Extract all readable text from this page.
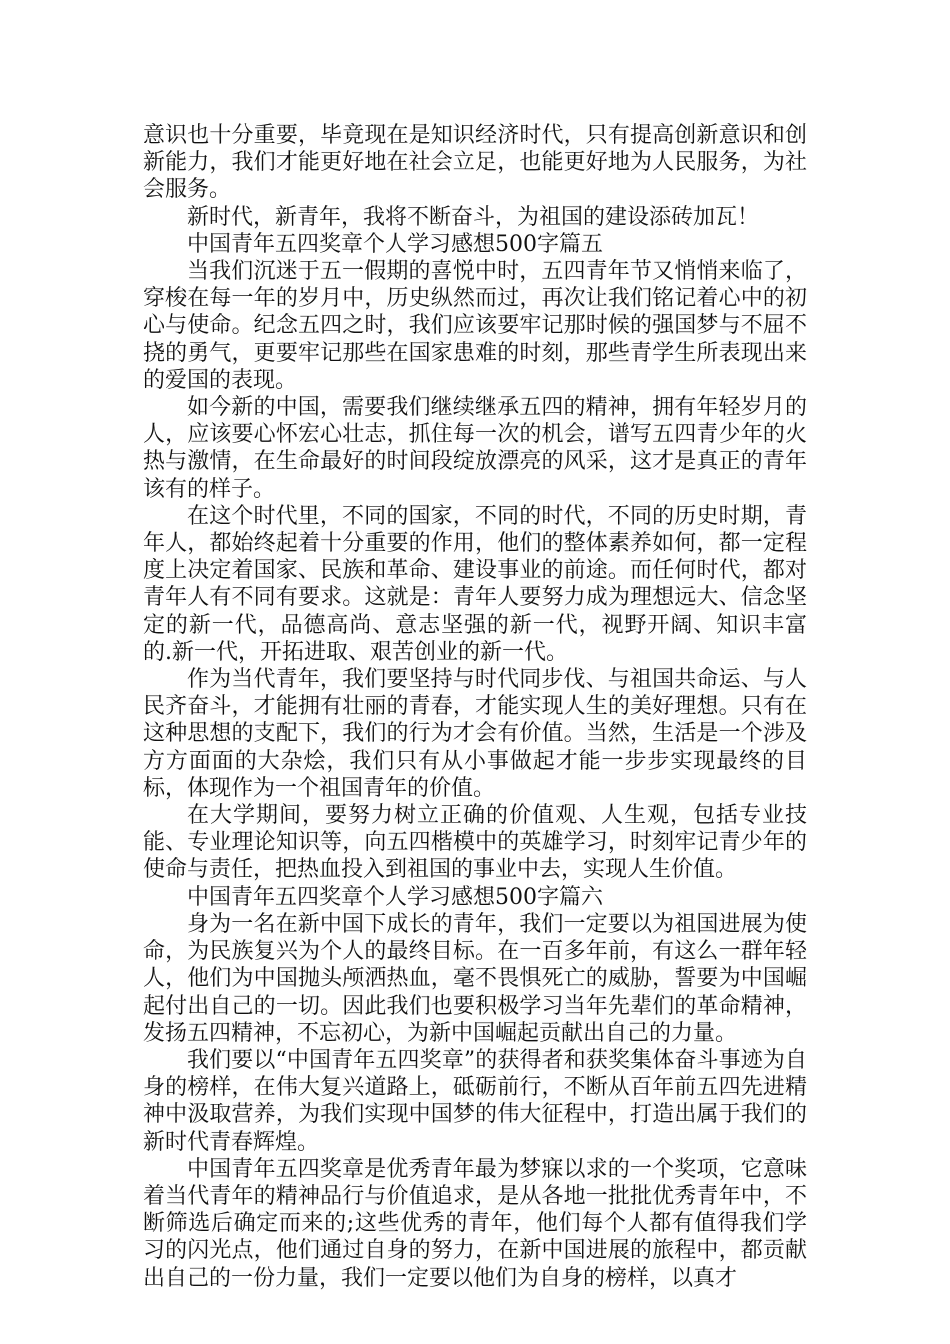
意识也十分重要，毕竟现在是知识经济时代，只有提高创新意识和创新能力，我们才能更好地在社会立足，也能更好地为人民服务，为社会服务。

新时代，新青年，我将不断奋斗，为祖国的建设添砖加瓦！

中国青年五四奖章个人学习感想500字篇五

当我们沉迷于五一假期的喜悦中时，五四青年节又悄悄来临了，穿梭在每一年的岁月中，历史纵然而过，再次让我们铭记着心中的初心与使命。纪念五四之时，我们应该要牢记那时候的强国梦与不屈不挠的勇气，更要牢记那些在国家患难的时刻，那些青学生所表现出来的爱国的表现。

如今新的中国，需要我们继续继承五四的精神，拥有年轻岁月的人，应该要心怀宏心壮志，抓住每一次的机会，谱写五四青少年的火热与激情，在生命最好的时间段绽放漂亮的风采，这才是真正的青年该有的样子。

在这个时代里，不同的国家，不同的时代，不同的历史时期，青年人，都始终起着十分重要的作用，他们的整体素养如何，都一定程度上决定着国家、民族和革命、建设事业的前途。而任何时代，都对青年人有不同有要求。这就是：青年人要努力成为理想远大、信念坚定的新一代，品德高尚、意志坚强的新一代，视野开阔、知识丰富的.新一代，开拓进取、艰苦创业的新一代。

作为当代青年，我们要坚持与时代同步伐、与祖国共命运、与人民齐奋斗，才能拥有壮丽的青春，才能实现人生的美好理想。只有在这种思想的支配下，我们的行为才会有价值。当然，生活是一个涉及方方面面的大杂烩，我们只有从小事做起才能一步步实现最终的目标，体现作为一个祖国青年的价值。

在大学期间，要努力树立正确的价值观、人生观，包括专业技能、专业理论知识等，向五四楷模中的英雄学习，时刻牢记青少年的使命与责任，把热血投入到祖国的事业中去，实现人生价值。

中国青年五四奖章个人学习感想500字篇六

身为一名在新中国下成长的青年，我们一定要以为祖国进展为使命，为民族复兴为个人的最终目标。在一百多年前，有这么一群年轻人，他们为中国抛头颅洒热血，毫不畏惧死亡的威胁，誓要为中国崛起付出自己的一切。因此我们也要积极学习当年先辈们的革命精神，发扬五四精神，不忘初心，为新中国崛起贡献出自己的力量。

我们要以“中国青年五四奖章”的获得者和获奖集体奋斗事迹为自身的榜样，在伟大复兴道路上，砥砺前行，不断从百年前五四先进精神中汲取营养，为我们实现中国梦的伟大征程中，打造出属于我们的新时代青春辉煌。

中国青年五四奖章是优秀青年最为梦寐以求的一个奖项，它意味着当代青年的精神品行与价值追求，是从各地一批批优秀青年中，不断筛选后确定而来的;这些优秀的青年，他们每个人都有值得我们学习的闪光点，他们通过自身的努力，在新中国进展的旅程中，都贡献出自己的一份力量，我们一定要以他们为自身的榜样，以真才
